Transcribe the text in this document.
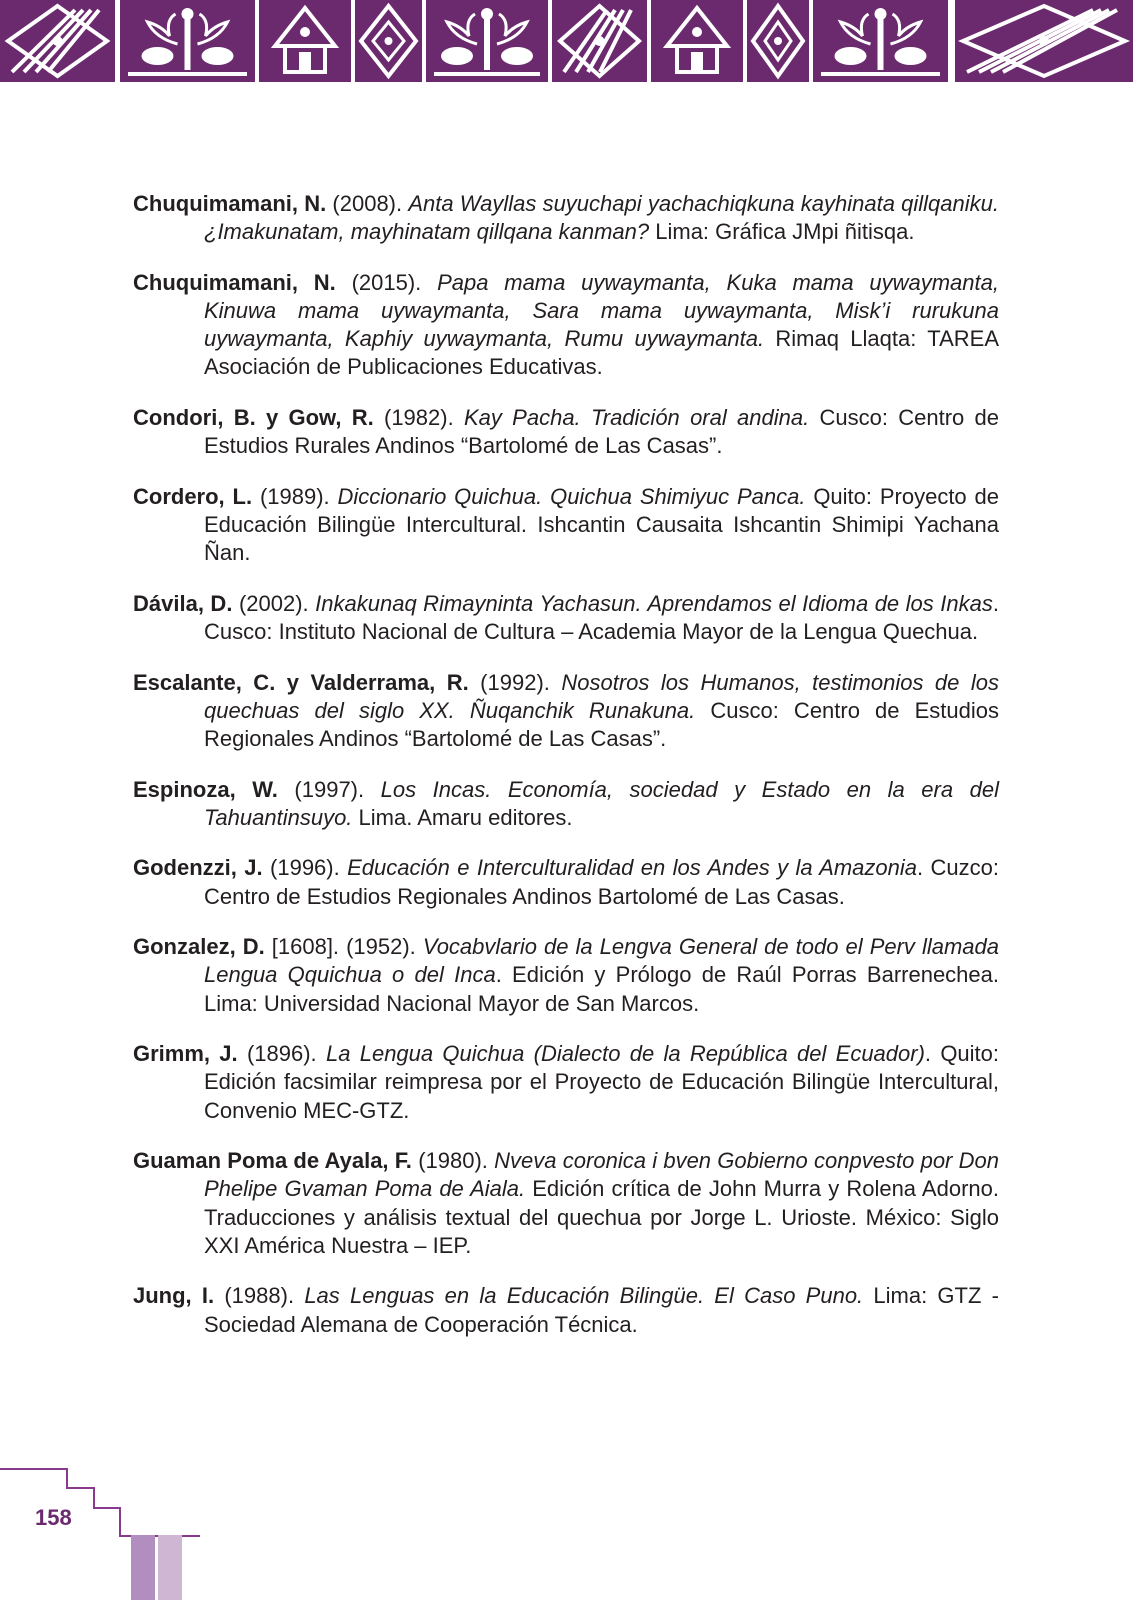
Chuquimamani, N. (2008). Anta Wayllas suyuchapi yachachiqkuna kayhinata qillqaniku. ¿Imakunatam, mayhinatam qillqana kanman? Lima: Gráfica JMpi ñitisqa.
Chuquimamani, N. (2015). Papa mama uywaymanta, Kuka mama uywaymanta, Kinuwa mama uywaymanta, Sara mama uywaymanta, Misk’i rurukuna uywaymanta, Kaphiy uywaymanta, Rumu uywaymanta. Rimaq Llaqta: TAREA   Asociación de Publicaciones Educativas.
Condori, B. y Gow, R. (1982). Kay Pacha. Tradición oral andina. Cusco: Centro de Estudios Rurales Andinos “Bartolomé de Las Casas”.
Cordero, L. (1989). Diccionario Quichua. Quichua Shimiyuc Panca. Quito: Proyecto de Educación Bilingüe Intercultural. Ishcantin Causaita Ishcantin Shimipi Yachana Ñan.
Dávila, D. (2002). Inkakunaq Rimayninta Yachasun. Aprendamos el Idioma de los Inkas. Cusco: Instituto Nacional de Cultura – Academia Mayor de la Lengua Quechua.
Escalante, C. y Valderrama, R. (1992). Nosotros los Humanos, testimonios de los quechuas del siglo XX. Ñuqanchik Runakuna. Cusco: Centro de Estudios Regionales Andinos “Bartolomé de Las Casas”.
Espinoza, W. (1997). Los Incas. Economía, sociedad y Estado en la era del Tahuantinsuyo. Lima. Amaru editores.
Godenzzi, J. (1996). Educación e Interculturalidad en los Andes y la Amazonia. Cuzco: Centro de Estudios Regionales Andinos Bartolomé de Las Casas.
Gonzalez, D. [1608]. (1952). Vocabvlario de la Lengva General de todo el Perv llamada Lengua Qquichua o del Inca. Edición y Prólogo de Raúl Porras Barrenechea. Lima: Universidad Nacional Mayor de San Marcos.
Grimm, J. (1896). La Lengua Quichua (Dialecto de la República del Ecuador). Quito: Edición facsimilar reimpresa por el Proyecto de Educación Bilingüe Intercultural, Convenio MEC-GTZ.
Guaman Poma de Ayala, F. (1980). Nveva coronica i bven Gobierno conpvesto por Don Phelipe Gvaman Poma de Aiala. Edición crítica de John Murra y Rolena Adorno. Traducciones y análisis textual del quechua por Jorge L. Urioste. México: Siglo XXI América Nuestra – IEP.
Jung, I. (1988). Las Lenguas en la Educación Bilingüe. El Caso Puno. Lima: GTZ - Sociedad Alemana de Cooperación Técnica.
158
